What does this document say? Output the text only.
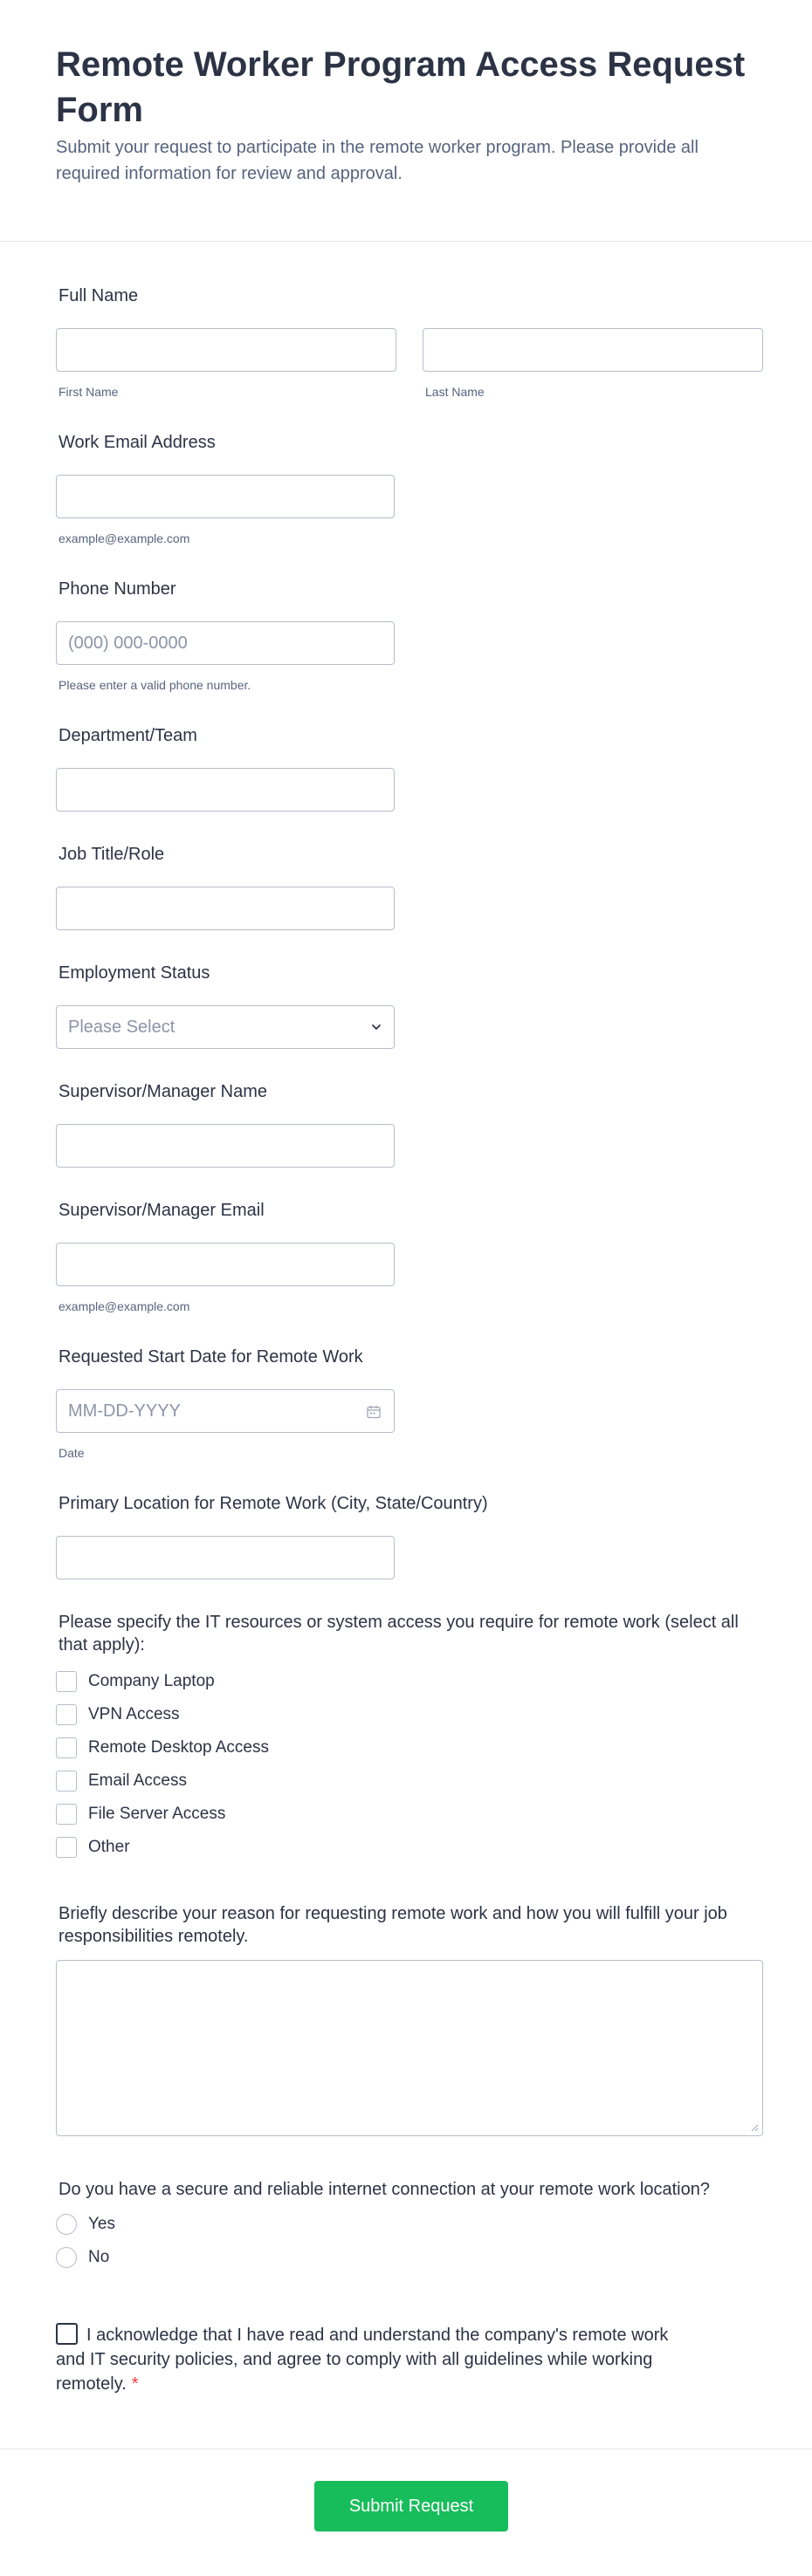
Remote Worker Program Access Request Form

Submit your request to participate in the remote worker program. Please provide all required information for review and approval.

Full Name
First Name	Last Name
Work Email Address
example@example.com
Phone Number
(000) 000-0000
Please enter a valid phone number.
Department/Team
Job Title/Role
Employment Status
Please Select
Supervisor/Manager Name
Supervisor/Manager Email
example@example.com
Requested Start Date for Remote Work
MM-DD-YYYY
Date
Primary Location for Remote Work (City, State/Country)
Please specify the IT resources or system access you require for remote work (select all that apply):
Company Laptop
VPN Access
Remote Desktop Access
Email Access
File Server Access
Other
Briefly describe your reason for requesting remote work and how you will fulfill your job responsibilities remotely.
Do you have a secure and reliable internet connection at your remote work location?
Yes
No
I acknowledge that I have read and understand the company's remote work and IT security policies, and agree to comply with all guidelines while working remotely. *
Submit Request
